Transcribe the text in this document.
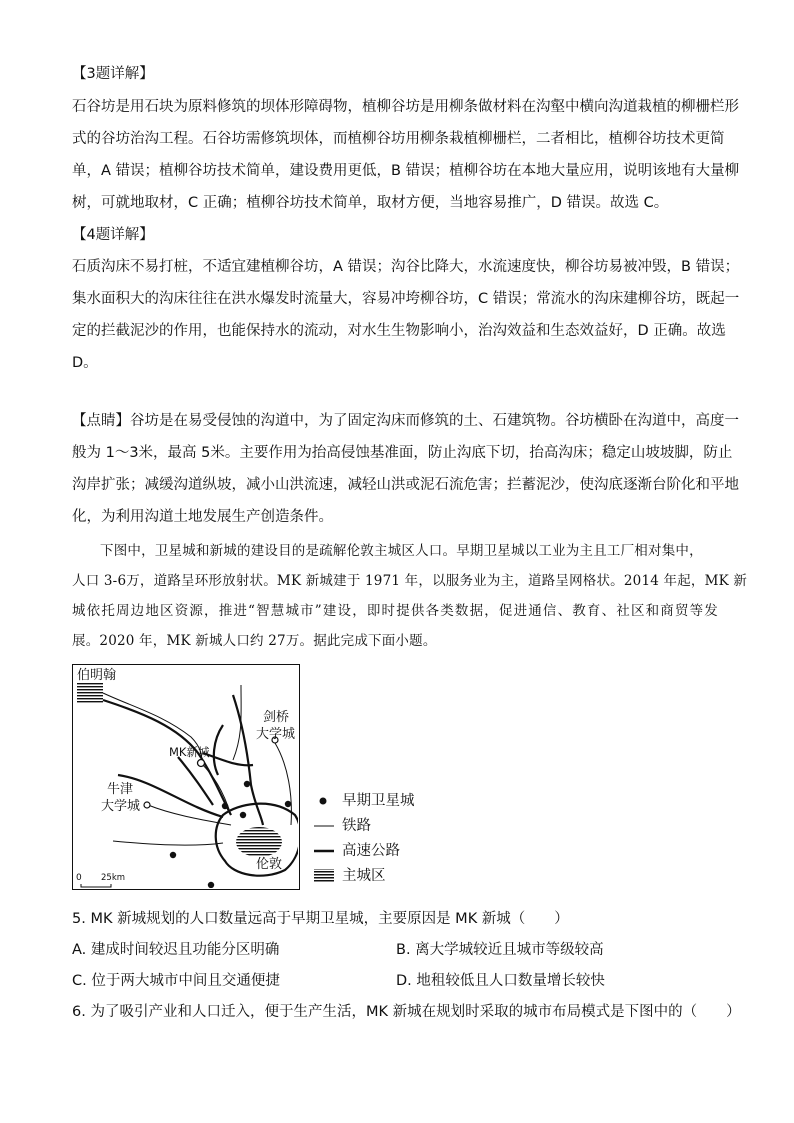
【3题详解】
石谷坊是用石块为原料修筑的坝体形障碍物，植柳谷坊是用柳条做材料在沟壑中横向沟道栽植的柳栅栏形
式的谷坊治沟工程。石谷坊需修筑坝体，而植柳谷坊用柳条栽植柳栅栏，二者相比，植柳谷坊技术更简
单，A 错误；植柳谷坊技术简单，建设费用更低，B 错误；植柳谷坊在本地大量应用，说明该地有大量柳
树，可就地取材，C 正确；植柳谷坊技术简单，取材方便，当地容易推广，D 错误。故选 C。
【4题详解】
石质沟床不易打桩，不适宜建植柳谷坊，A 错误；沟谷比降大，水流速度快，柳谷坊易被冲毁，B 错误；
集水面积大的沟床往往在洪水爆发时流量大，容易冲垮柳谷坊，C 错误；常流水的沟床建柳谷坊，既起一
定的拦截泥沙的作用，也能保持水的流动，对水生生物影响小，治沟效益和生态效益好，D 正确。故选
D。
【点睛】谷坊是在易受侵蚀的沟道中，为了固定沟床而修筑的土、石建筑物。谷坊横卧在沟道中，高度一
般为 1～3米，最高 5米。主要作用为抬高侵蚀基准面，防止沟底下切，抬高沟床；稳定山坡坡脚，防止
沟岸扩张；减缓沟道纵坡，减小山洪流速，减轻山洪或泥石流危害；拦蓄泥沙，使沟底逐渐台阶化和平地
化，为利用沟道土地发展生产创造条件。
下图中，卫星城和新城的建设目的是疏解伦敦主城区人口。早期卫星城以工业为主且工厂相对集中，
人口 3-6万，道路呈环形放射状。MK 新城建于 1971 年，以服务业为主，道路呈网格状。2014 年起，MK 新
城依托周边地区资源，推进“智慧城市”建设，即时提供各类数据，促进通信、教育、社区和商贸等发
展。2020 年，MK 新城人口约 27万。据此完成下面小题。
伯明翰
剑桥
大学城
MK新城
牛津
大学城
伦敦
0 25km
早期卫星城
铁路
高速公路
主城区
5. MK 新城规划的人口数量远高于早期卫星城，主要原因是 MK 新城（　　）
A. 建成时间较迟且功能分区明确	B. 离大学城较近且城市等级较高
C. 位于两大城市中间且交通便捷	D. 地租较低且人口数量增长较快
6. 为了吸引产业和人口迁入，便于生产生活，MK 新城在规划时采取的城市布局模式是下图中的（　　）
